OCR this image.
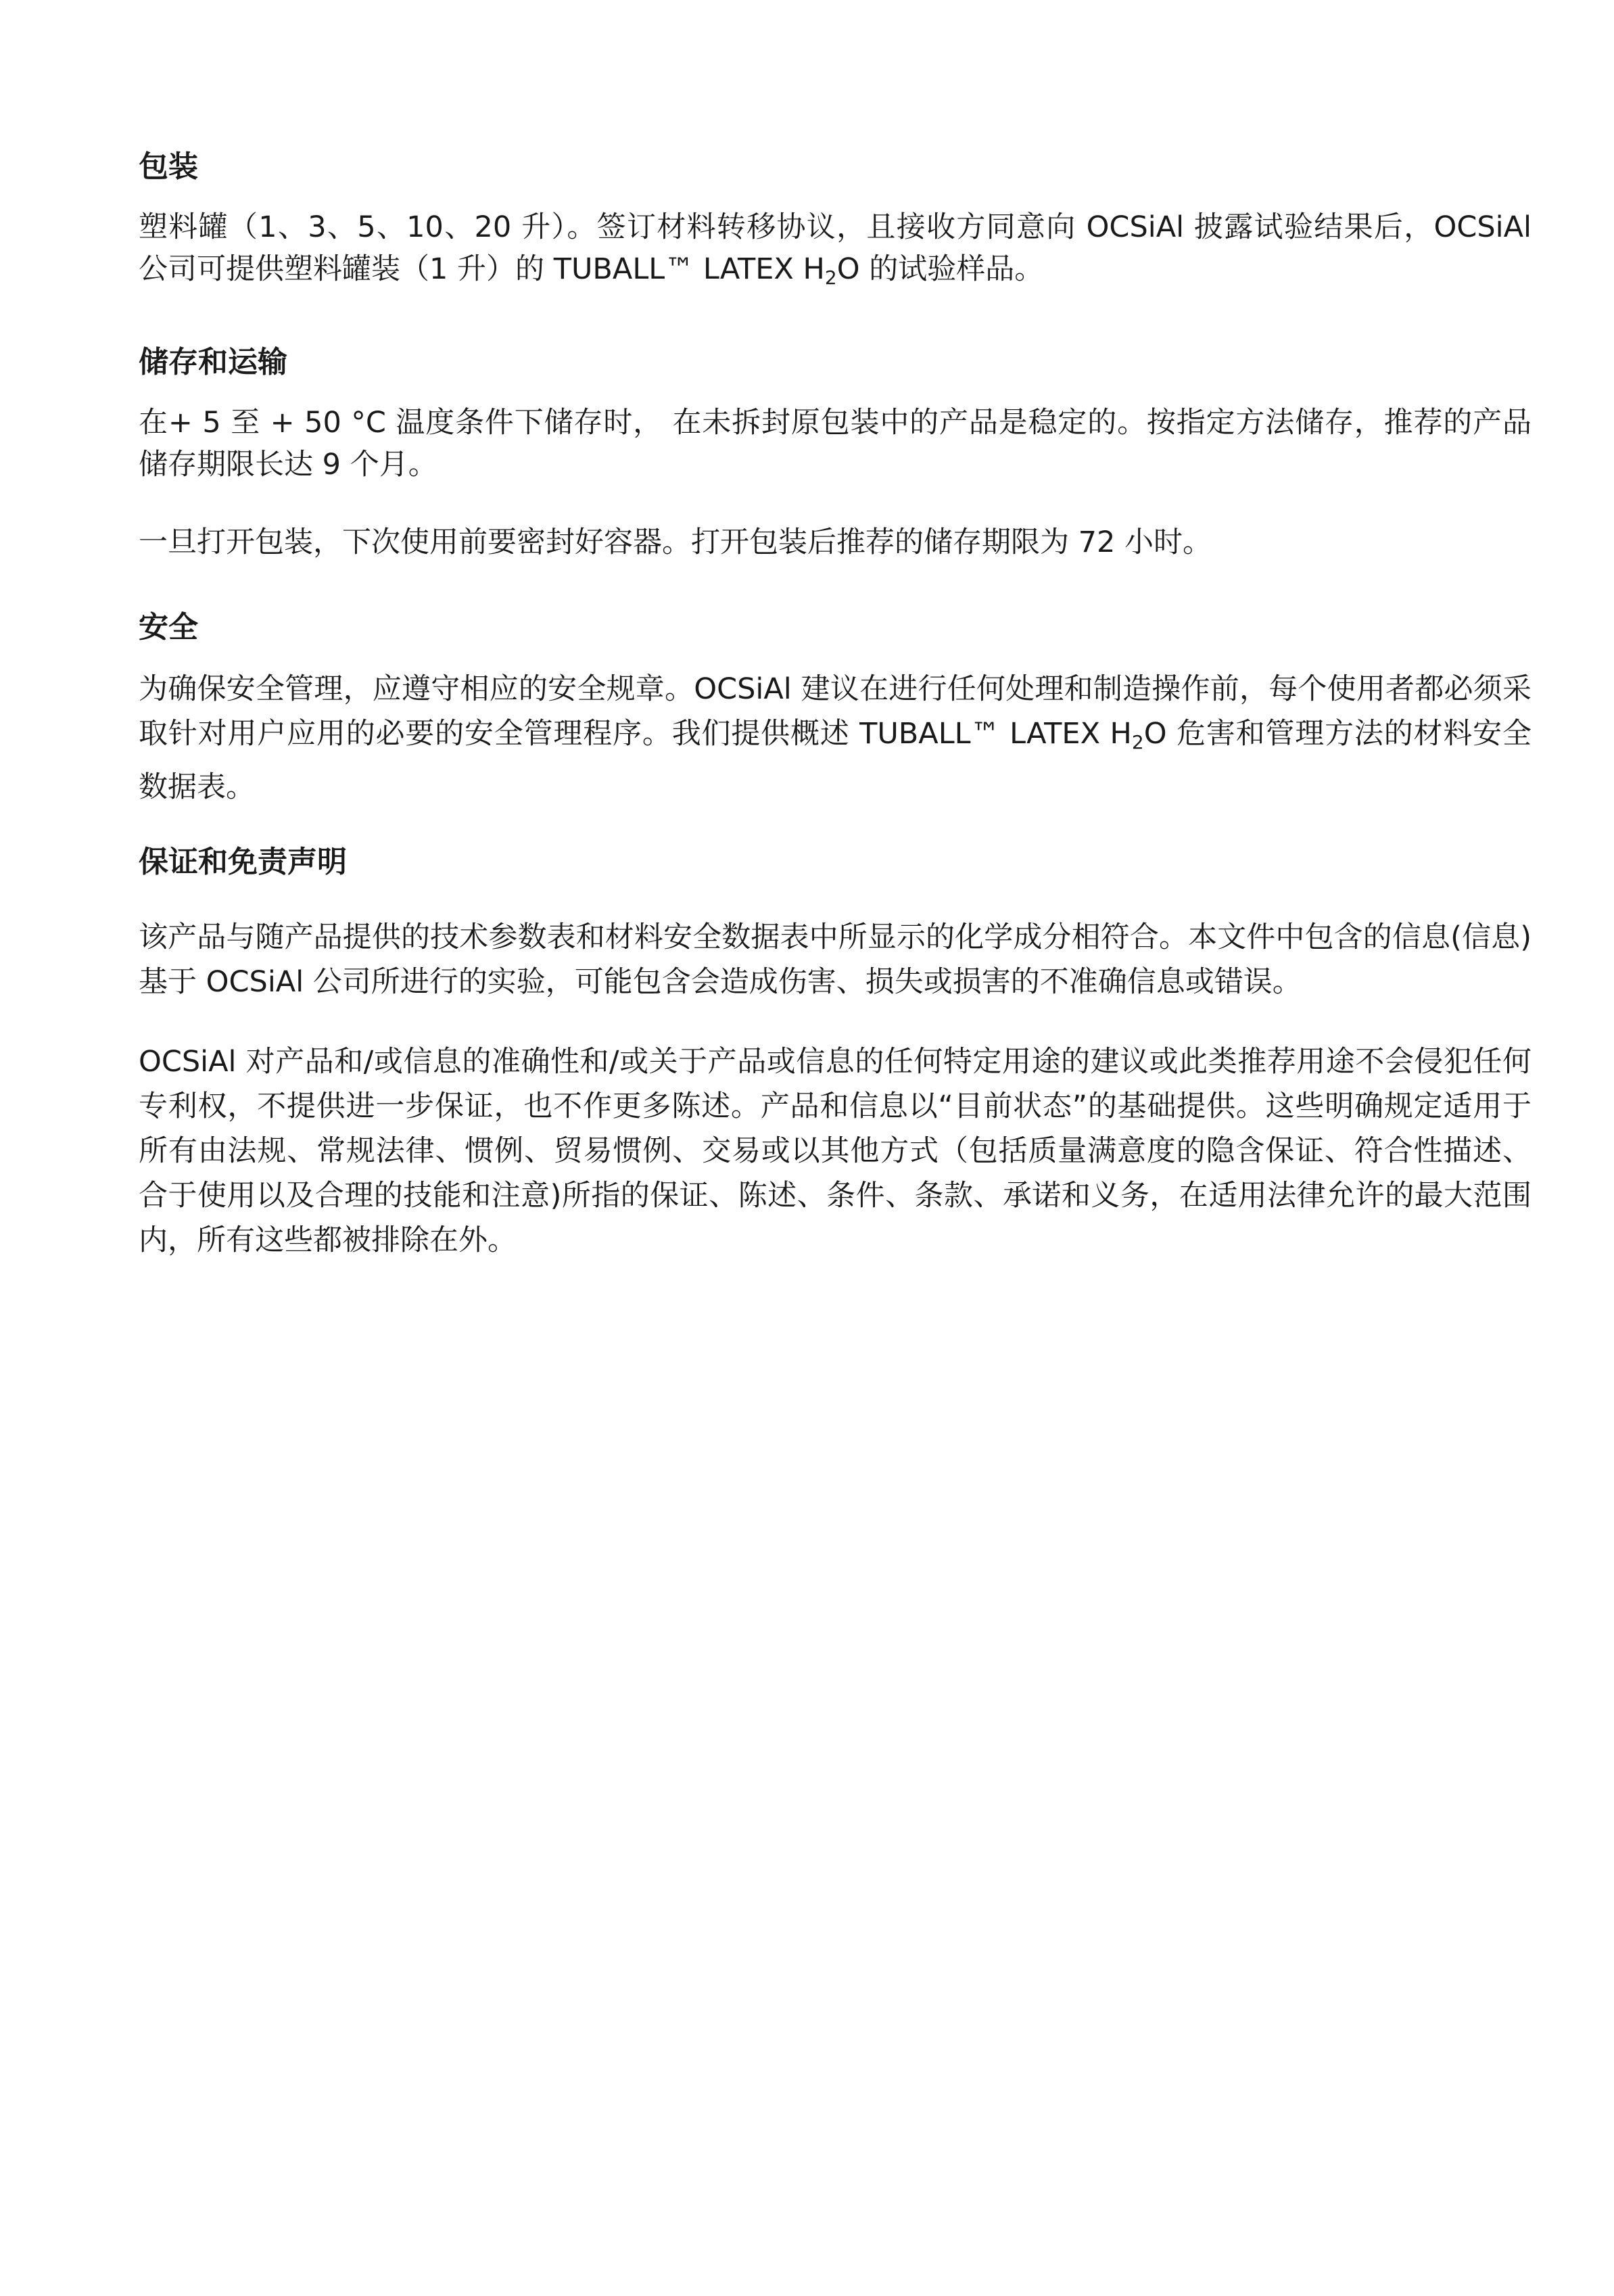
包装

塑料罐（1、3、5、10、20 升）。签订材料转移协议，且接收方同意向 OCSiAl 披露试验结果后，OCSiAl 公司可提供塑料罐装（1 升）的 TUBALL™ LATEX $H_2O$ 的试验样品。

储存和运输

在+ 5 至 + 50 °C 温度条件下储存时， 在未拆封原包装中的产品是稳定的。按指定方法储存，推荐的产品储存期限长达 9 个月。

一旦打开包装，下次使用前要密封好容器。打开包装后推荐的储存期限为 72 小时。

安全

为确保安全管理，应遵守相应的安全规章。OCSiAl 建议在进行任何处理和制造操作前，每个使用者都必须采取针对用户应用的必要的安全管理程序。我们提供概述 TUBALL™ LATEX $H_2O$ 危害和管理方法的材料安全数据表。

保证和免责声明

该产品与随产品提供的技术参数表和材料安全数据表中所显示的化学成分相符合。本文件中包含的信息(信息)基于 OCSiAl 公司所进行的实验，可能包含会造成伤害、损失或损害的不准确信息或错误。

OCSiAl 对产品和/或信息的准确性和/或关于产品或信息的任何特定用途的建议或此类推荐用途不会侵犯任何专利权，不提供进一步保证，也不作更多陈述。产品和信息以“目前状态”的基础提供。这些明确规定适用于所有由法规、常规法律、惯例、贸易惯例、交易或以其他方式（包括质量满意度的隐含保证、符合性描述、合于使用以及合理的技能和注意)所指的保证、陈述、条件、条款、承诺和义务，在适用法律允许的最大范围内，所有这些都被排除在外。
